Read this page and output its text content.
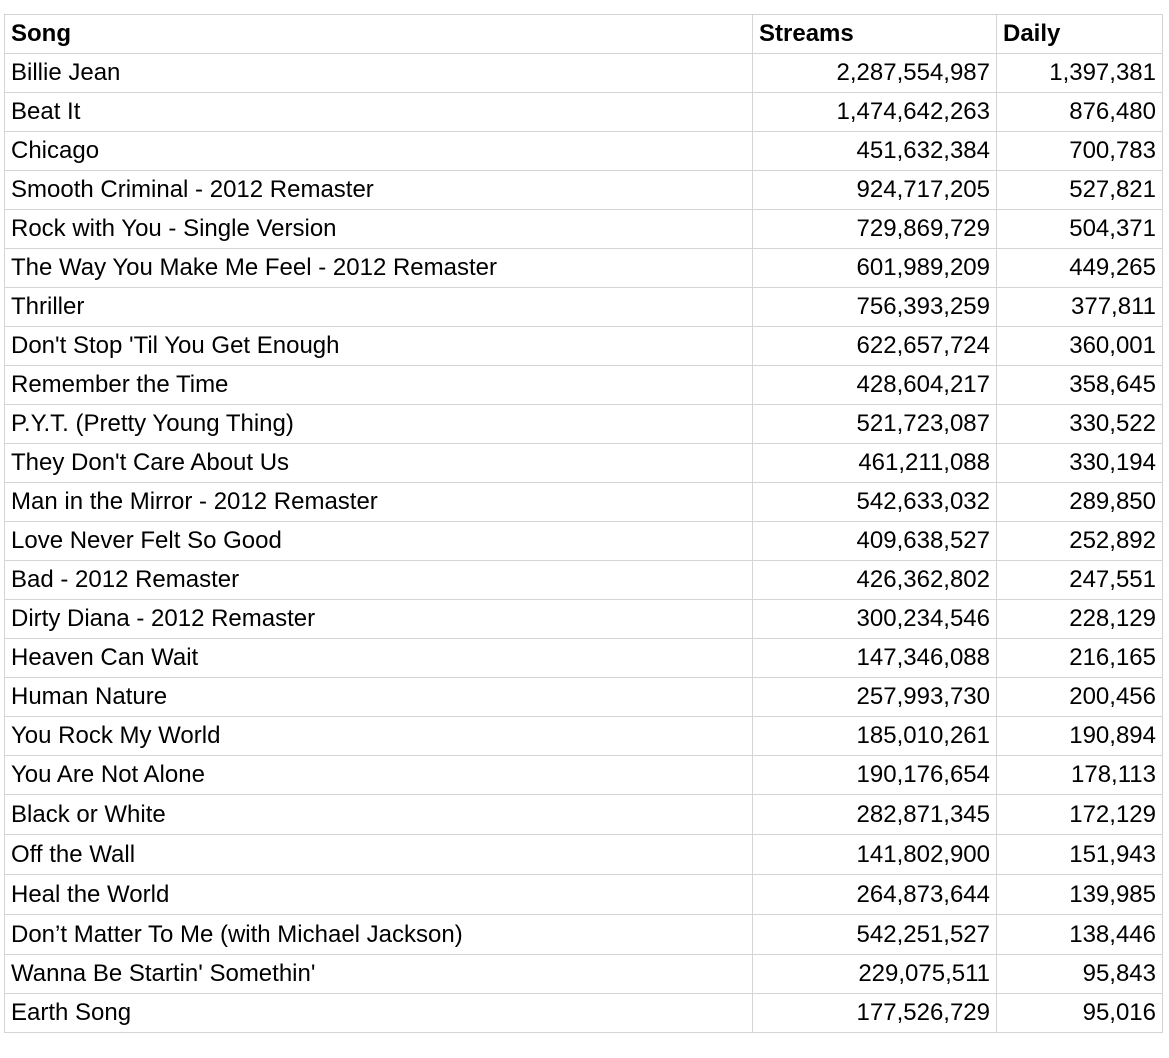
Song	Streams	Daily
Billie Jean	2,287,554,987	1,397,381
Beat It	1,474,642,263	876,480
Chicago	451,632,384	700,783
Smooth Criminal - 2012 Remaster	924,717,205	527,821
Rock with You - Single Version	729,869,729	504,371
The Way You Make Me Feel - 2012 Remaster	601,989,209	449,265
Thriller	756,393,259	377,811
Don't Stop 'Til You Get Enough	622,657,724	360,001
Remember the Time	428,604,217	358,645
P.Y.T. (Pretty Young Thing)	521,723,087	330,522
They Don't Care About Us	461,211,088	330,194
Man in the Mirror - 2012 Remaster	542,633,032	289,850
Love Never Felt So Good	409,638,527	252,892
Bad - 2012 Remaster	426,362,802	247,551
Dirty Diana - 2012 Remaster	300,234,546	228,129
Heaven Can Wait	147,346,088	216,165
Human Nature	257,993,730	200,456
You Rock My World	185,010,261	190,894
You Are Not Alone	190,176,654	178,113
Black or White	282,871,345	172,129
Off the Wall	141,802,900	151,943
Heal the World	264,873,644	139,985
Don’t Matter To Me (with Michael Jackson)	542,251,527	138,446
Wanna Be Startin' Somethin'	229,075,511	95,843
Earth Song	177,526,729	95,016
